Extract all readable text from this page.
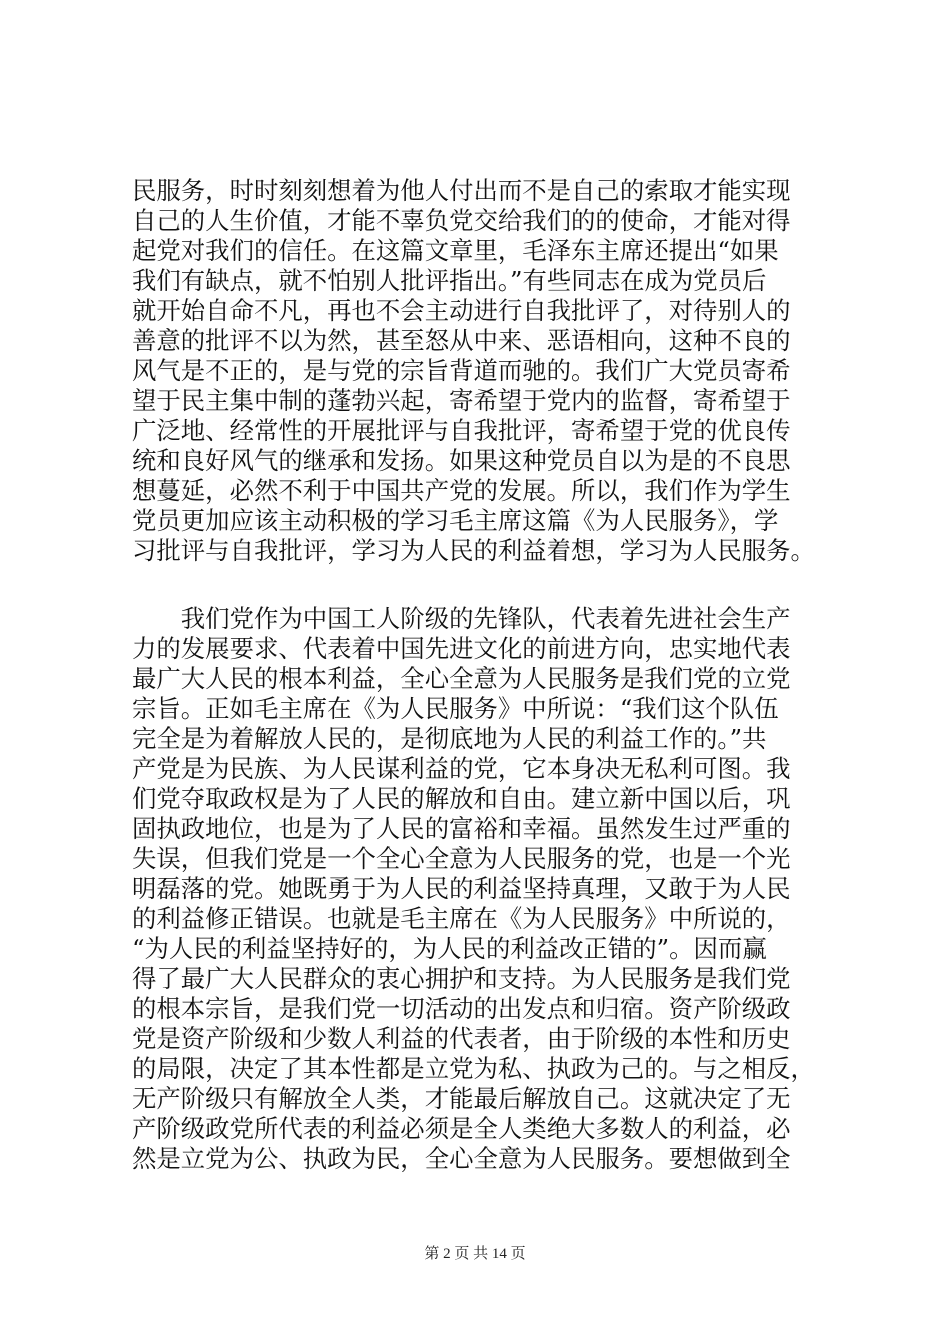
民服务，时时刻刻想着为他人付出而不是自己的索取才能实现
自己的人生价值，才能不辜负党交给我们的的使命，才能对得
起党对我们的信任。在这篇文章里，毛泽东主席还提出“如果
我们有缺点，就不怕别人批评指出。”有些同志在成为党员后
就开始自命不凡，再也不会主动进行自我批评了，对待别人的
善意的批评不以为然，甚至怒从中来、恶语相向，这种不良的
风气是不正的，是与党的宗旨背道而驰的。我们广大党员寄希
望于民主集中制的蓬勃兴起，寄希望于党内的监督，寄希望于
广泛地、经常性的开展批评与自我批评，寄希望于党的优良传
统和良好风气的继承和发扬。如果这种党员自以为是的不良思
想蔓延，必然不利于中国共产党的发展。所以，我们作为学生
党员更加应该主动积极的学习毛主席这篇《为人民服务》，学
习批评与自我批评，学习为人民的利益着想，学习为人民服务。
　　我们党作为中国工人阶级的先锋队，代表着先进社会生产
力的发展要求、代表着中国先进文化的前进方向，忠实地代表
最广大人民的根本利益，全心全意为人民服务是我们党的立党
宗旨。正如毛主席在《为人民服务》中所说：“我们这个队伍
完全是为着解放人民的，是彻底地为人民的利益工作的。”共
产党是为民族、为人民谋利益的党，它本身决无私利可图。我
们党夺取政权是为了人民的解放和自由。建立新中国以后，巩
固执政地位，也是为了人民的富裕和幸福。虽然发生过严重的
失误，但我们党是一个全心全意为人民服务的党，也是一个光
明磊落的党。她既勇于为人民的利益坚持真理，又敢于为人民
的利益修正错误。也就是毛主席在《为人民服务》中所说的，
“为人民的利益坚持好的，为人民的利益改正错的”。因而赢
得了最广大人民群众的衷心拥护和支持。为人民服务是我们党
的根本宗旨，是我们党一切活动的出发点和归宿。资产阶级政
党是资产阶级和少数人利益的代表者，由于阶级的本性和历史
的局限，决定了其本性都是立党为私、执政为己的。与之相反，
无产阶级只有解放全人类，才能最后解放自己。这就决定了无
产阶级政党所代表的利益必须是全人类绝大多数人的利益，必
然是立党为公、执政为民，全心全意为人民服务。要想做到全
第 2 页 共 14 页
